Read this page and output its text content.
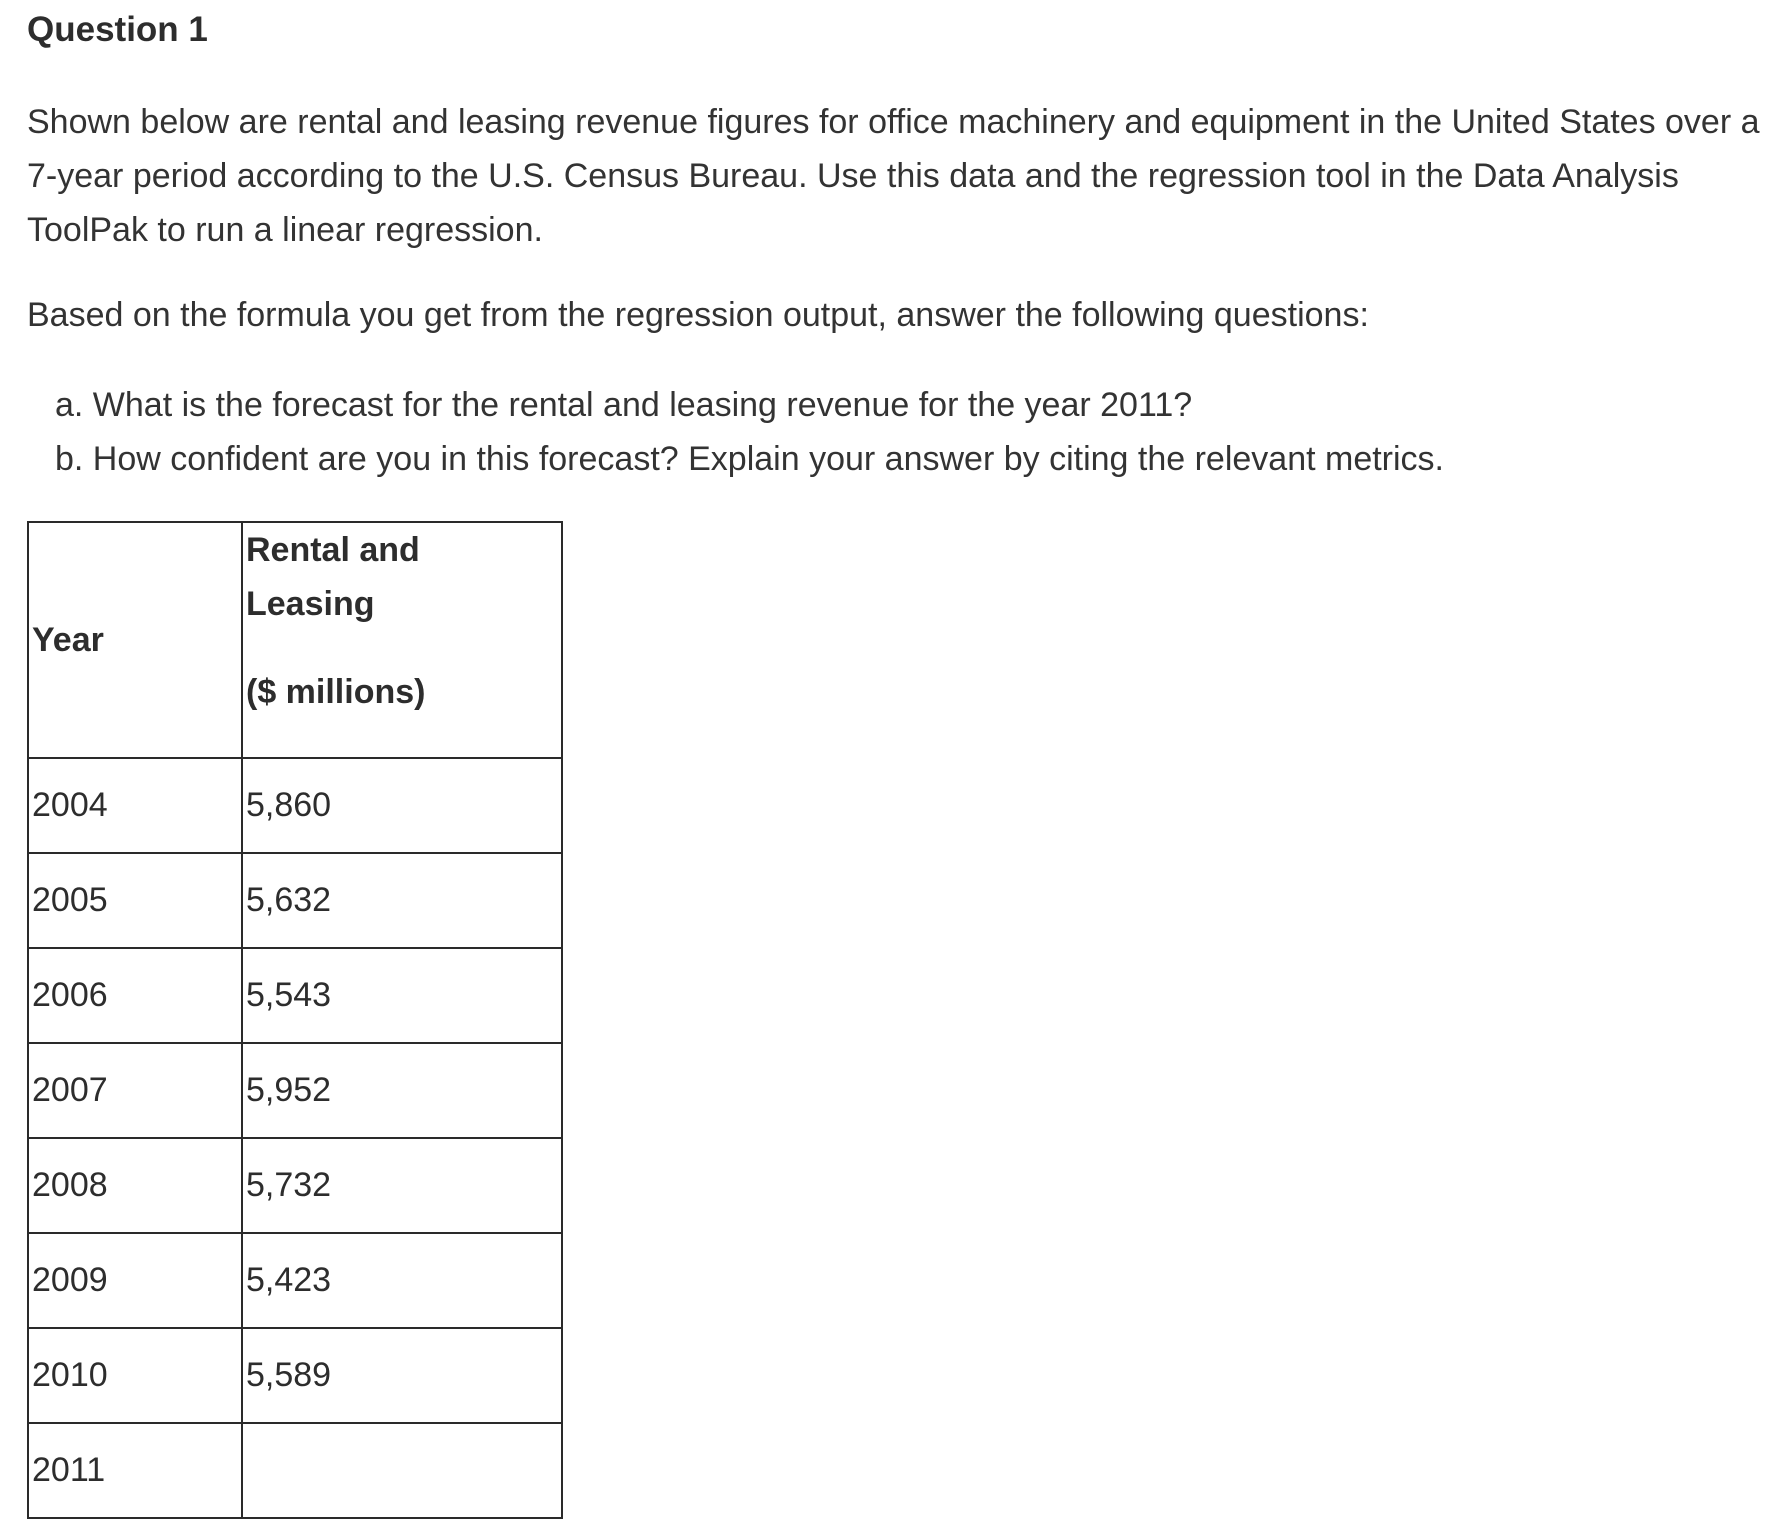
Question 1

Shown below are rental and leasing revenue figures for office machinery and equipment in the United States over a 7-year period according to the U.S. Census Bureau. Use this data and the regression tool in the Data Analysis ToolPak to run a linear regression.

Based on the formula you get from the regression output, answer the following questions:

a. What is the forecast for the rental and leasing revenue for the year 2011?
b. How confident are you in this forecast? Explain your answer by citing the relevant metrics.
Year	Rental and
Leasing
($ millions)

2004	5,860
2005	5,632
2006	5,543
2007	5,952
2008	5,732
2009	5,423
2010	5,589
2011	
